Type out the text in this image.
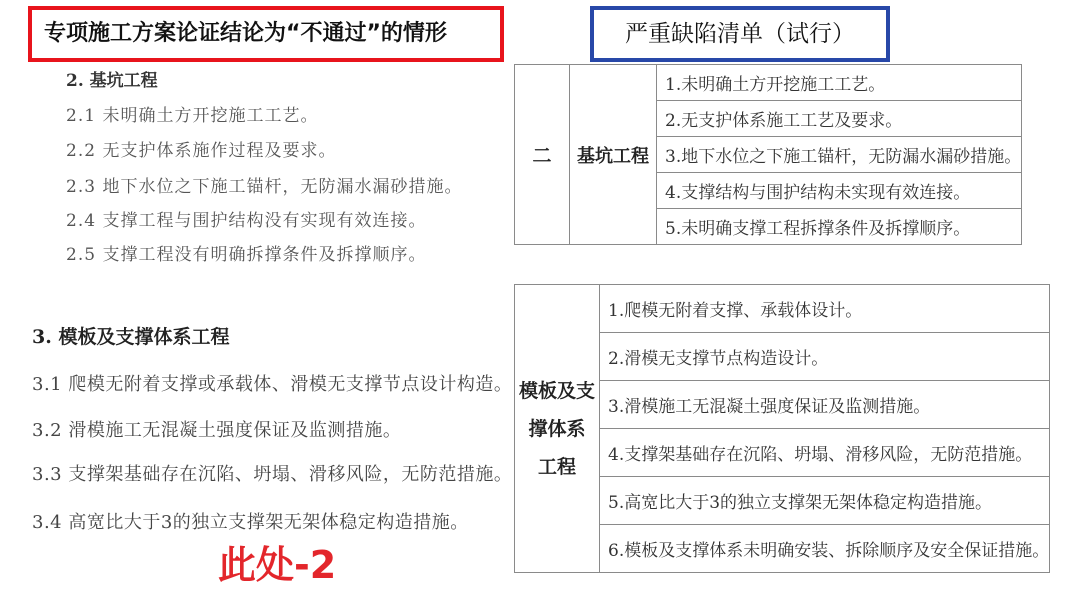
专项施工方案论证结论为“不通过”的情形	严重缺陷清单（试行）
2. 基坑工程
2.1 未明确土方开挖施工工艺。
2.2 无支护体系施作过程及要求。
2.3 地下水位之下施工锚杆，无防漏水漏砂措施。
2.4 支撑工程与围护结构没有实现有效连接。
2.5 支撑工程没有明确拆撑条件及拆撑顺序。
3. 模板及支撑体系工程
3.1 爬模无附着支撑或承载体、滑模无支撑节点设计构造。
3.2 滑模施工无混凝土强度保证及监测措施。
3.3 支撑架基础存在沉陷、坍塌、滑移风险，无防范措施。
3.4 高宽比大于3的独立支撑架无架体稳定构造措施。
此处-2
二	基坑工程	1.未明确土方开挖施工工艺。
2.无支护体系施工工艺及要求。
3.地下水位之下施工锚杆，无防漏水漏砂措施。
4.支撑结构与围护结构未实现有效连接。
5.未明确支撑工程拆撑条件及拆撑顺序。
模板及支
撑体系
工程
	1.爬模无附着支撑、承载体设计。
2.滑模无支撑节点构造设计。
3.滑模施工无混凝土强度保证及监测措施。
4.支撑架基础存在沉陷、坍塌、滑移风险，无防范措施。
5.高宽比大于3的独立支撑架无架体稳定构造措施。
6.模板及支撑体系未明确安装、拆除顺序及安全保证措施。
